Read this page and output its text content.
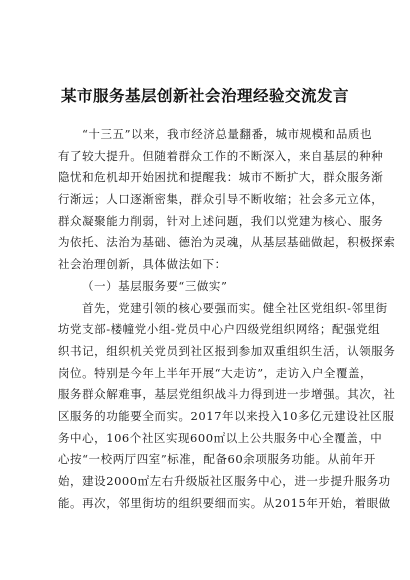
某市服务基层创新社会治理经验交流发言
“十三五”以来，我市经济总量翻番，城市规模和品质也
有了较大提升。但随着群众工作的不断深入，来自基层的种种
隐忧和危机却开始困扰和提醒我：城市不断扩大，群众服务渐
行渐远；人口逐渐密集，群众引导不断收缩；社会多元立体，
群众凝聚能力削弱，针对上述问题，我们以党建为核心、服务
为依托、法治为基础、德治为灵魂，从基层基础做起，积极探索
社会治理创新，具体做法如下：
（一）基层服务要“三做实”
首先，党建引领的核心要强而实。健全社区党组织-邻里街
坊党支部-楼幢党小组-党员中心户四级党组织网络；配强党组
织书记，组织机关党员到社区报到参加双重组织生活，认领服务
岗位。特别是今年上半年开展“大走访”，走访入户全覆盖，
服务群众解难事，基层党组织战斗力得到进一步增强。其次，社
区服务的功能要全而实。2017年以来投入10多亿元建设社区服
务中心，106个社区实现600㎡以上公共服务中心全覆盖，中
心按“一校两厅四室”标准，配备60余项服务功能。从前年开
始，建设2000㎡左右升级版社区服务中心，进一步提升服务功
能。再次，邻里街坊的组织要细而实。从2015年开始，着眼做
